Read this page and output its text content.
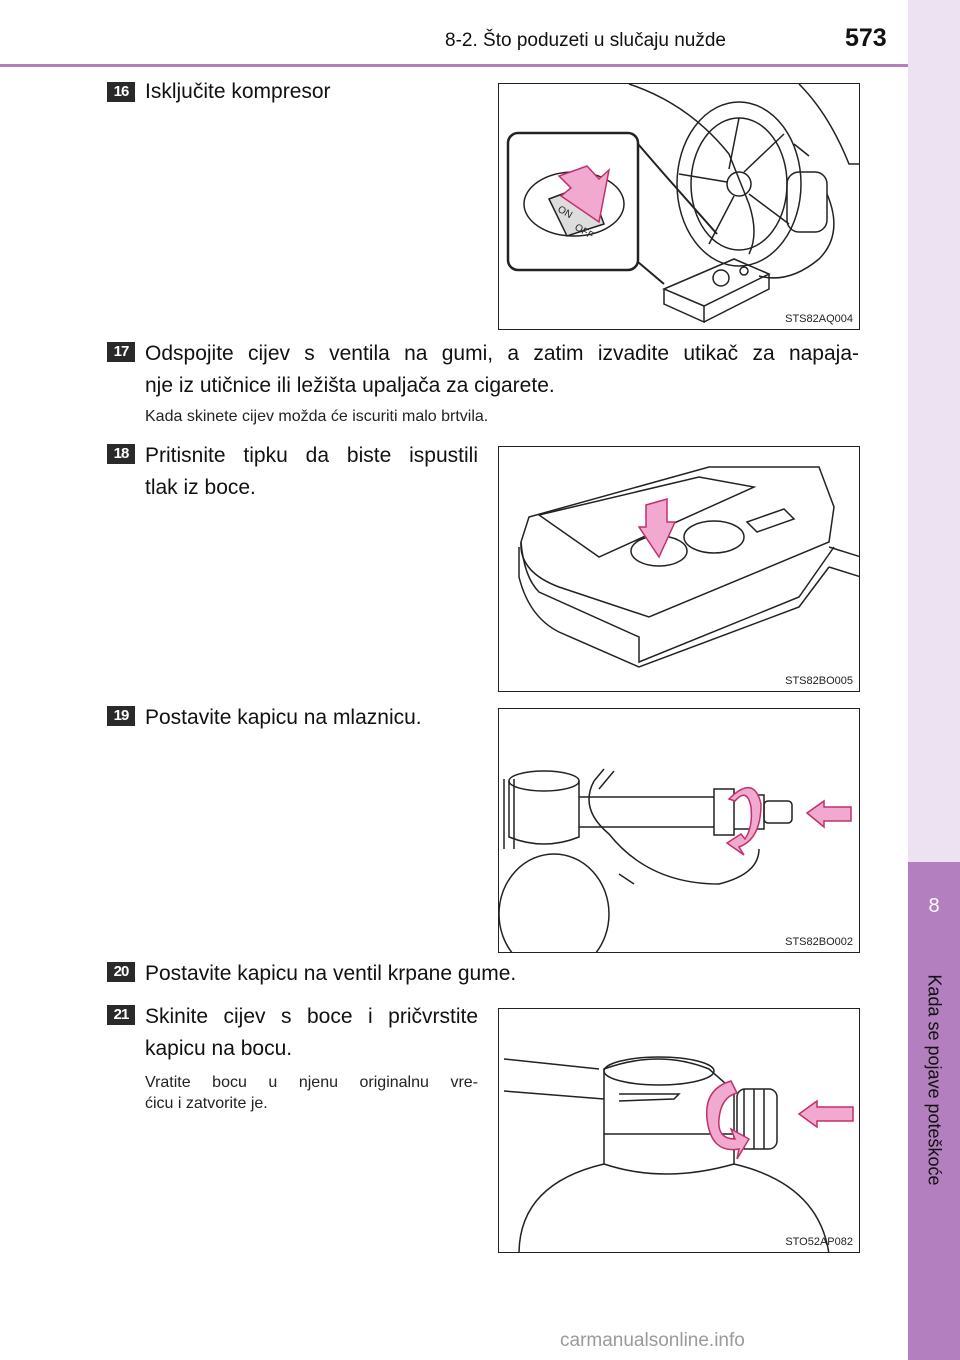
8-2. Što poduzeti u slučaju nužde	573
8
Kada se pojave poteškoće
16 Isključite kompresor
ON
OFF
STS82AQ004
17 Odspojite cijev s ventila na gumi, a zatim izvadite utikač za napaja-
nje iz utičnice ili ležišta upaljača za cigarete.
Kada skinete cijev možda će iscuriti malo brtvila.
18 Pritisnite tipku da biste ispustili
tlak iz boce.
STS82BO005
19 Postavite kapicu na mlaznicu.
STS82BO002
20 Postavite kapicu na ventil krpane gume.
21 Skinite cijev s boce i pričvrstite
kapicu na bocu.
Vratite bocu u njenu originalnu vre-
ćicu i zatvorite je.
STO52AP082
carmanualsonline.info
